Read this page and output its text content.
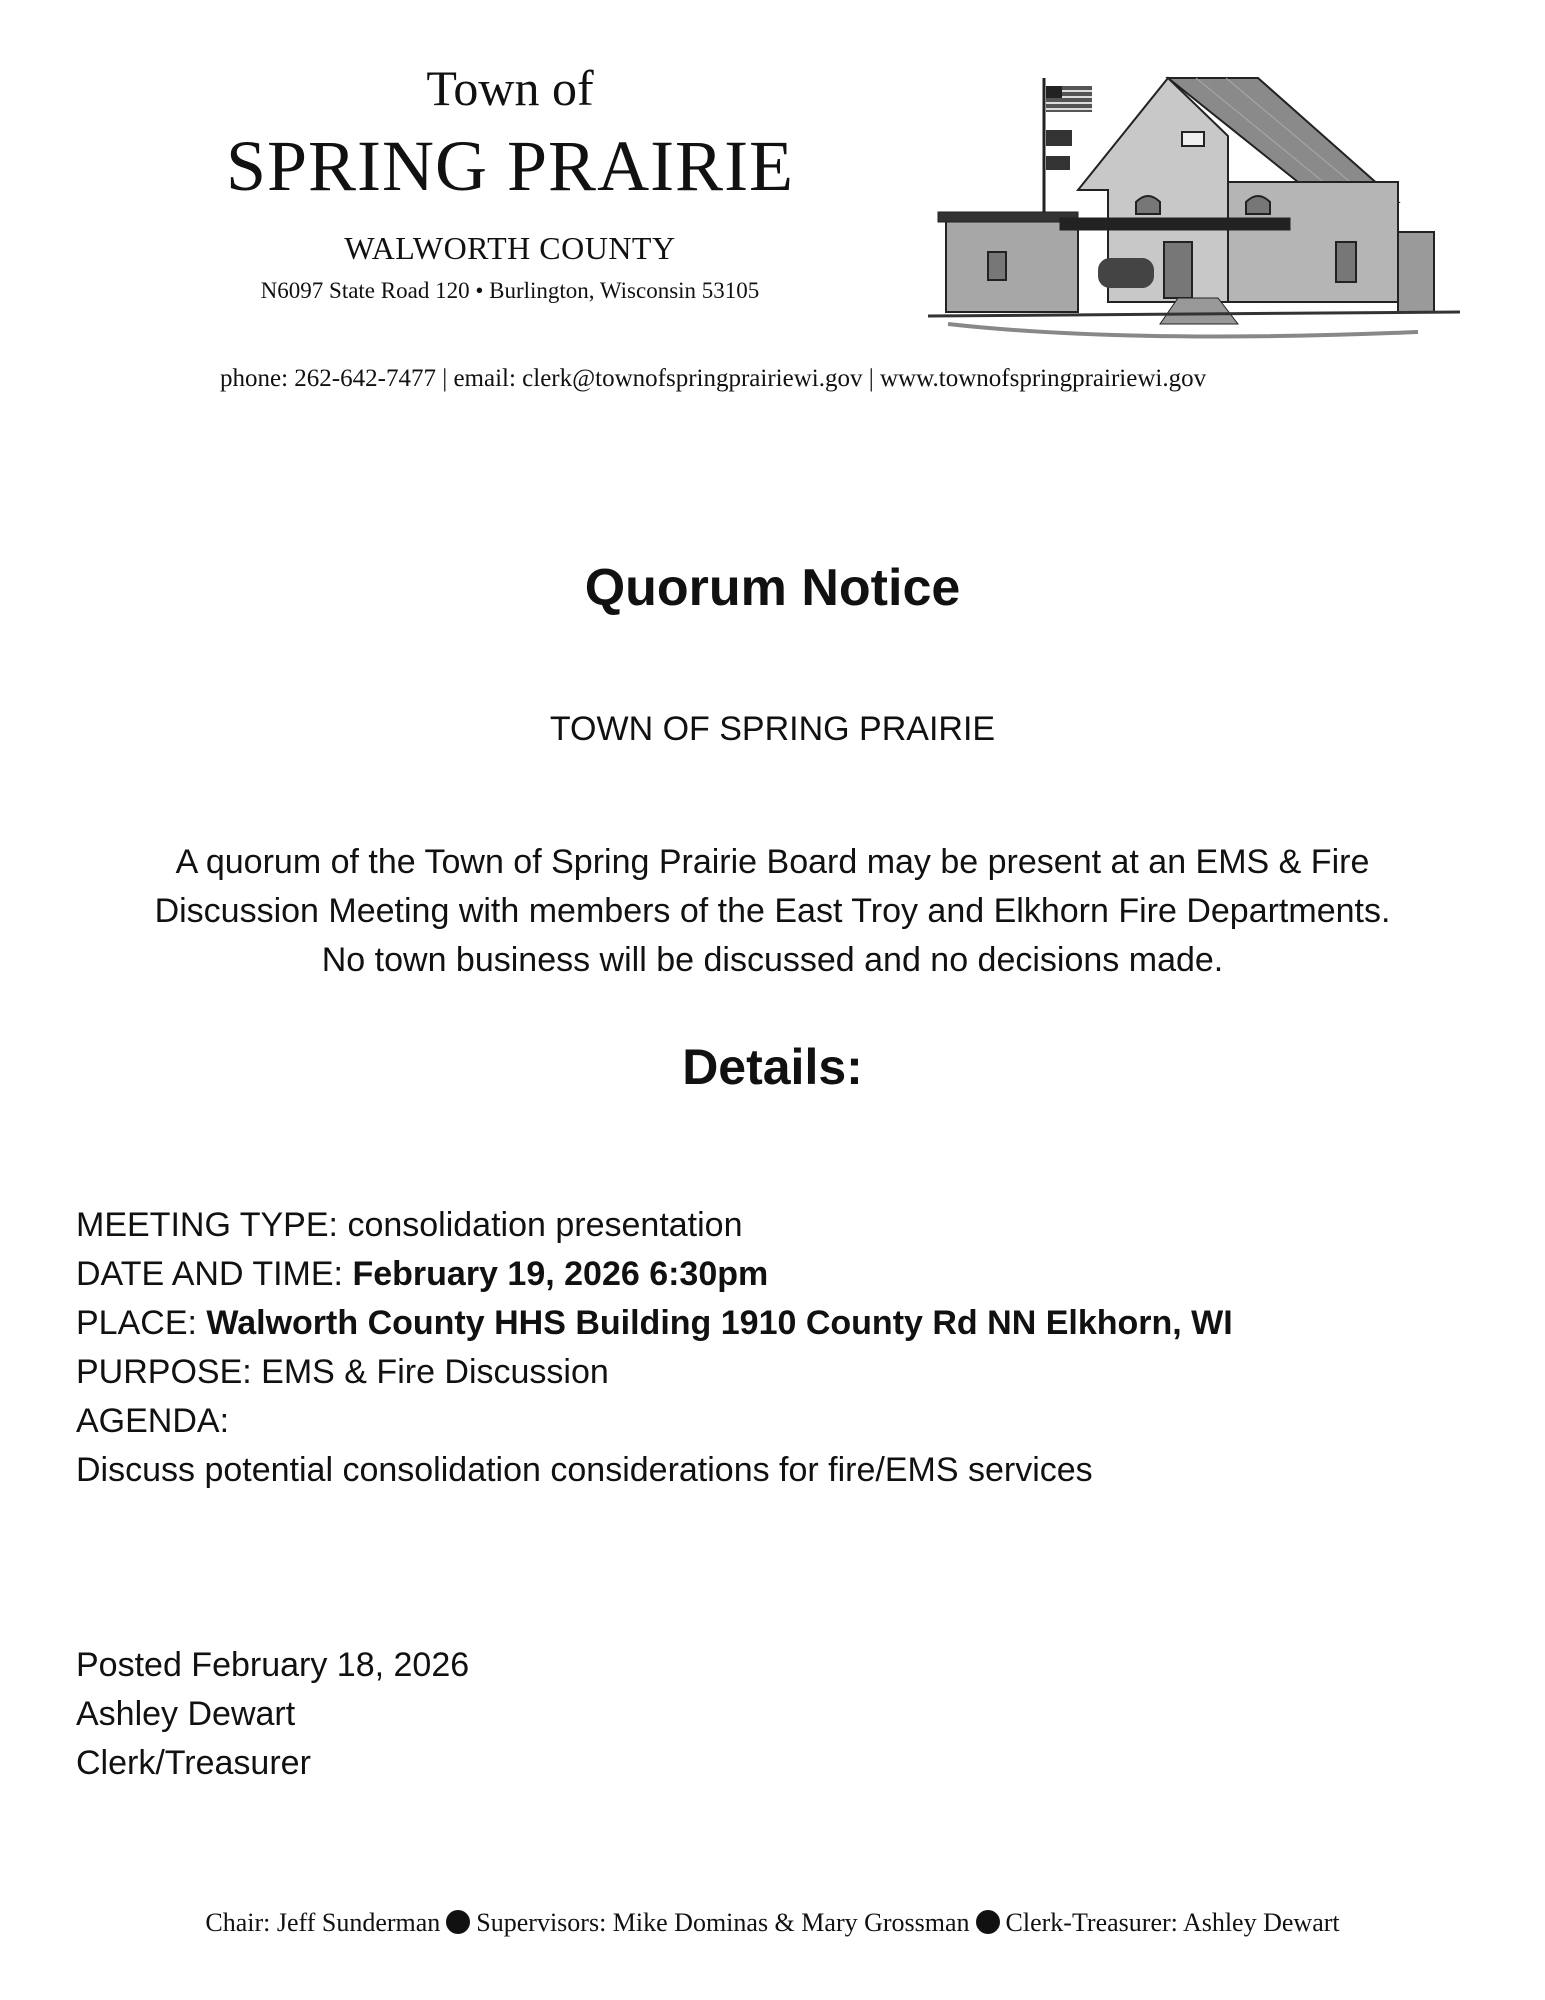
Town of
SPRING PRAIRIE
WALWORTH COUNTY
N6097 State Road 120 • Burlington, Wisconsin 53105
phone: 262-642-7477 | email: clerk@townofspringprairiewi.gov | www.townofspringprairiewi.gov
Quorum Notice
TOWN OF SPRING PRAIRIE
A quorum of the Town of Spring Prairie Board may be present at an EMS & Fire
Discussion Meeting with members of the East Troy and Elkhorn Fire Departments.
No town business will be discussed and no decisions made.
Details:
MEETING TYPE: consolidation presentation
DATE AND TIME: February 19, 2026 6:30pm
PLACE: Walworth County HHS Building 1910 County Rd NN Elkhorn, WI
PURPOSE: EMS & Fire Discussion
AGENDA:
Discuss potential consolidation considerations for fire/EMS services
Posted February 18, 2026
Ashley Dewart
Clerk/Treasurer
Chair: Jeff Sunderman Supervisors: Mike Dominas & Mary Grossman Clerk-Treasurer: Ashley Dewart
